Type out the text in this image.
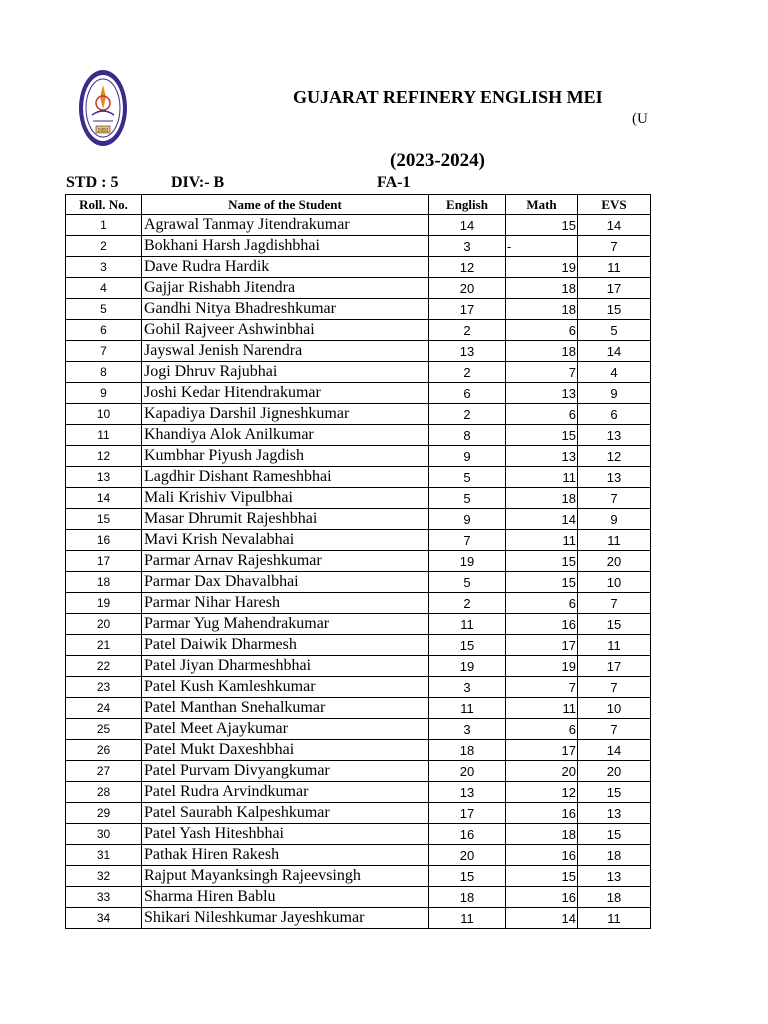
1991
GUJARAT REFINERY ENGLISH MEI
(U
(2023-2024)
STD : 5	DIV:- B	FA-1
Roll. No.	Name of the Student	English	Math	EVS
1	Agrawal Tanmay Jitendrakumar	14	15	14
2	Bokhani Harsh Jagdishbhai	3	-	7
3	Dave Rudra Hardik	12	19	11
4	Gajjar Rishabh Jitendra	20	18	17
5	Gandhi Nitya Bhadreshkumar	17	18	15
6	Gohil Rajveer Ashwinbhai	2	6	5
7	Jayswal Jenish Narendra	13	18	14
8	Jogi Dhruv Rajubhai	2	7	4
9	Joshi Kedar Hitendrakumar	6	13	9
10	Kapadiya Darshil Jigneshkumar	2	6	6
11	Khandiya Alok Anilkumar	8	15	13
12	Kumbhar Piyush Jagdish	9	13	12
13	Lagdhir Dishant Rameshbhai	5	11	13
14	Mali Krishiv Vipulbhai	5	18	7
15	Masar Dhrumit Rajeshbhai	9	14	9
16	Mavi Krish Nevalabhai	7	11	11
17	Parmar Arnav Rajeshkumar	19	15	20
18	Parmar Dax Dhavalbhai	5	15	10
19	Parmar Nihar Haresh	2	6	7
20	Parmar Yug Mahendrakumar	11	16	15
21	Patel Daiwik Dharmesh	15	17	11
22	Patel Jiyan Dharmeshbhai	19	19	17
23	Patel Kush Kamleshkumar	3	7	7
24	Patel Manthan Snehalkumar	11	11	10
25	Patel Meet Ajaykumar	3	6	7
26	Patel Mukt Daxeshbhai	18	17	14
27	Patel Purvam Divyangkumar	20	20	20
28	Patel Rudra Arvindkumar	13	12	15
29	Patel Saurabh Kalpeshkumar	17	16	13
30	Patel Yash Hiteshbhai	16	18	15
31	Pathak Hiren Rakesh	20	16	18
32	Rajput Mayanksingh Rajeevsingh	15	15	13
33	Sharma Hiren Bablu	18	16	18
34	Shikari Nileshkumar Jayeshkumar	11	14	11
